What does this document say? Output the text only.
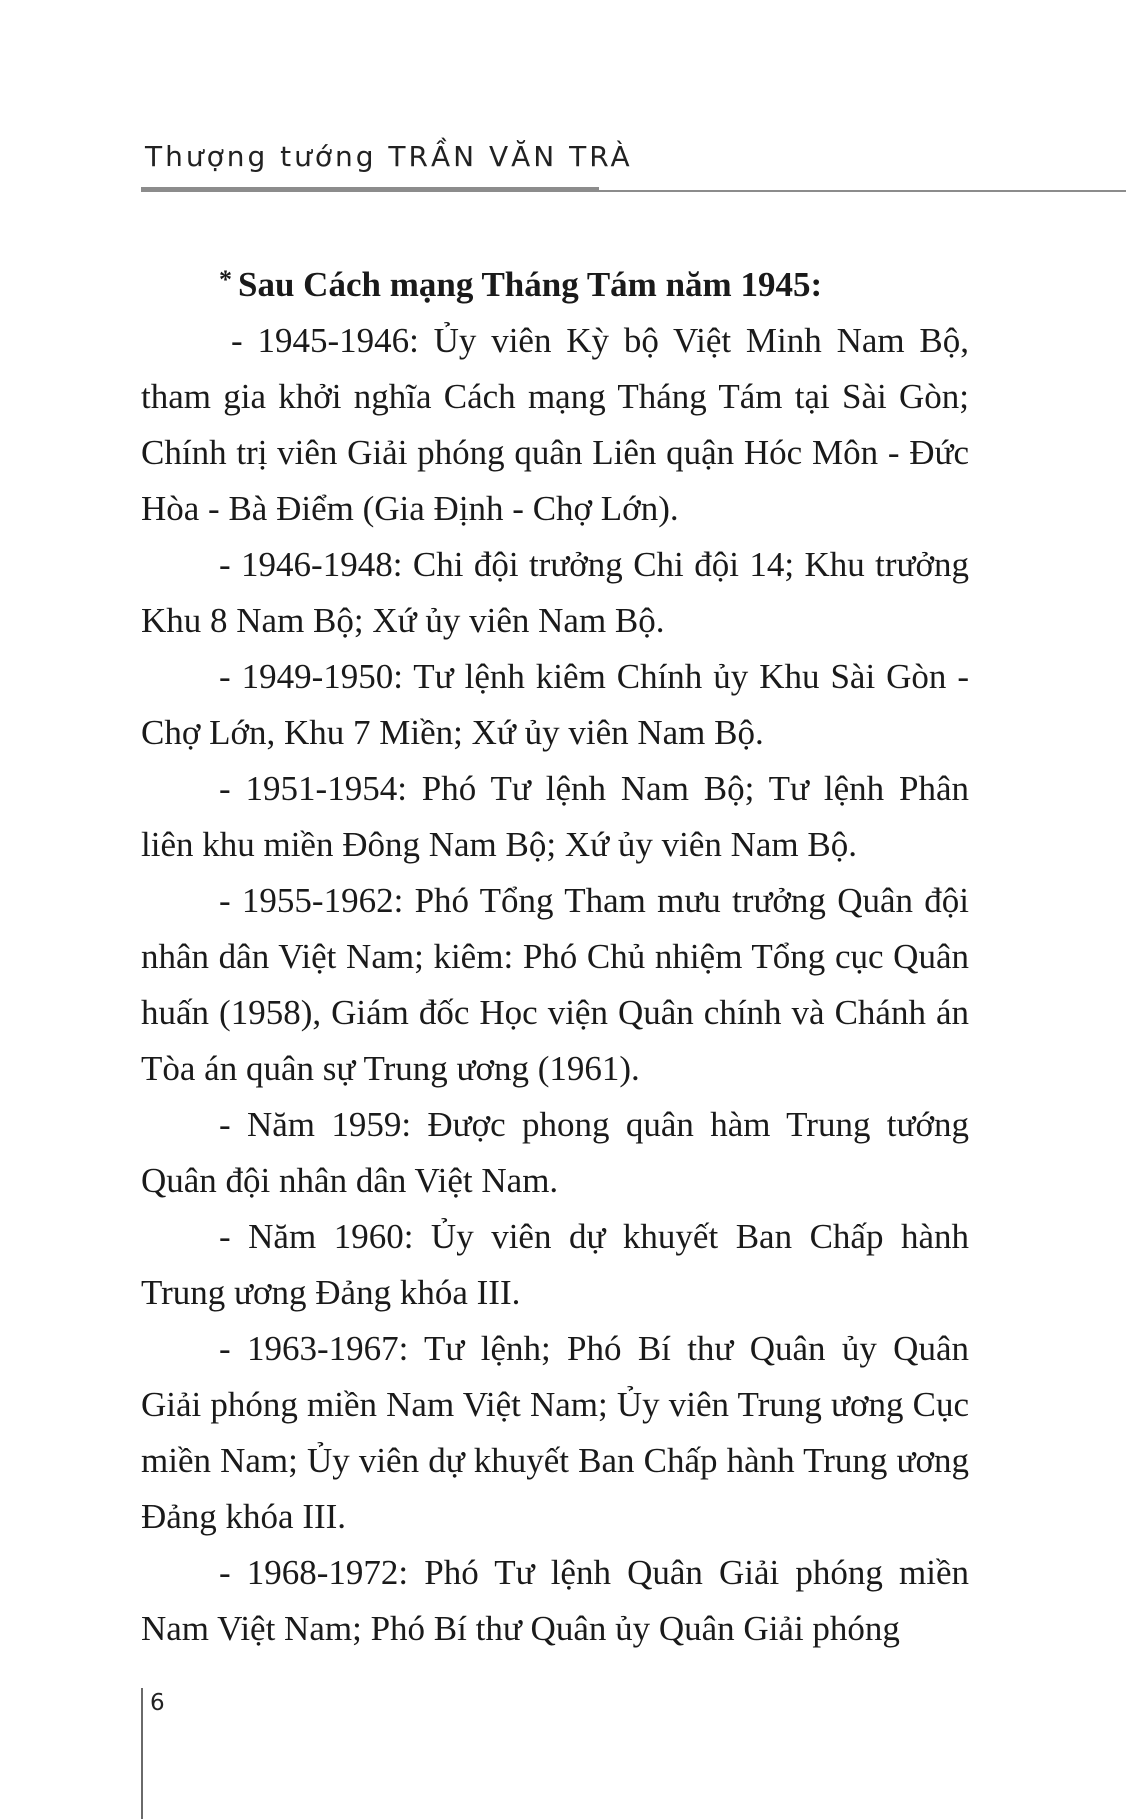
Thượng tướng TRẦN VĂN TRÀ

* Sau Cách mạng Tháng Tám năm 1945:

- 1945-1946: Ủy viên Kỳ bộ Việt Minh Nam Bộ, tham gia khởi nghĩa Cách mạng Tháng Tám tại Sài Gòn; Chính trị viên Giải phóng quân Liên quận Hóc Môn - Đức Hòa - Bà Điểm (Gia Định - Chợ Lớn).

- 1946-1948: Chi đội trưởng Chi đội 14; Khu trưởng Khu 8 Nam Bộ; Xứ ủy viên Nam Bộ.

- 1949-1950: Tư lệnh kiêm Chính ủy Khu Sài Gòn - Chợ Lớn, Khu 7 Miền; Xứ ủy viên Nam Bộ.

- 1951-1954: Phó Tư lệnh Nam Bộ; Tư lệnh Phân liên khu miền Đông Nam Bộ; Xứ ủy viên Nam Bộ.

- 1955-1962: Phó Tổng Tham mưu trưởng Quân đội nhân dân Việt Nam; kiêm: Phó Chủ nhiệm Tổng cục Quân huấn (1958), Giám đốc Học viện Quân chính và Chánh án Tòa án quân sự Trung ương (1961).

- Năm 1959: Được phong quân hàm Trung tướng Quân đội nhân dân Việt Nam.

- Năm 1960: Ủy viên dự khuyết Ban Chấp hành Trung ương Đảng khóa III.

- 1963-1967: Tư lệnh; Phó Bí thư Quân ủy Quân Giải phóng miền Nam Việt Nam; Ủy viên Trung ương Cục miền Nam; Ủy viên dự khuyết Ban Chấp hành Trung ương Đảng khóa III.

- 1968-1972: Phó Tư lệnh Quân Giải phóng miền Nam Việt Nam; Phó Bí thư Quân ủy Quân Giải phóng

6
